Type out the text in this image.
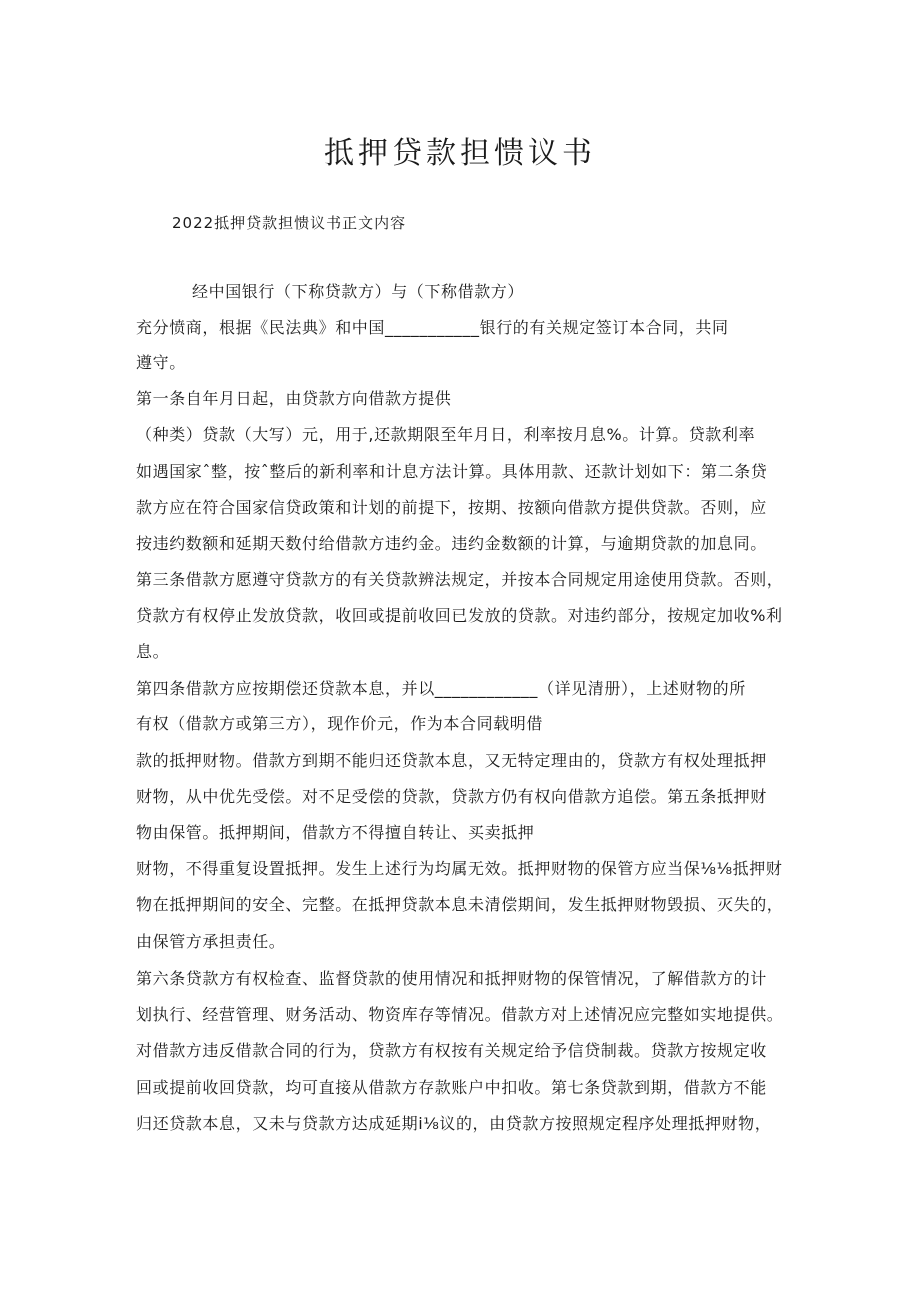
抵押贷款担愦议书
2022抵押贷款担愦议书正文内容
经中国银行（下称贷款方）与（下称借款方）
充分愤商，根据《民法典》和中国___________银行的有关规定签订本合同，共同
遵守。
第一条自年月日起，由贷款方向借款方提供
（种类）贷款（大写）元，用于,还款期限至年月日，利率按月息%。计算。贷款利率
如遇国家ˆ整，按ˆ整后的新利率和计息方法计算。具体用款、还款计划如下：第二条贷
款方应在符合国家信贷政策和计划的前提下，按期、按额向借款方提供贷款。否则，应
按违约数额和延期天数付给借款方违约金。违约金数额的计算，与逾期贷款的加息同。
第三条借款方愿遵守贷款方的有关贷款辨法规定，并按本合同规定用途使用贷款。否则，
贷款方有权停止发放贷款，收回或提前收回已发放的贷款。对违约部分，按规定加收%利
息。
第四条借款方应按期偿还贷款本息，并以____________（详见清册），上述财物的所
有权（借款方或第三方），现作价元，作为本合同载明借
款的抵押财物。借款方到期不能归还贷款本息，又无特定理由的，贷款方有权处理抵押
财物，从中优先受偿。对不足受偿的贷款，贷款方仍有权向借款方追偿。第五条抵押财
物由保管。抵押期间，借款方不得擅自转让、买卖抵押
财物，不得重复设置抵押。发生上述行为均属无效。抵押财物的保管方应当保⅛⅛抵押财
物在抵押期间的安全、完整。在抵押贷款本息未清偿期间，发生抵押财物毁损、灭失的，
由保管方承担责任。
第六条贷款方有权检查、监督贷款的使用情况和抵押财物的保管情况，了解借款方的计
划执行、经营管理、财务活动、物资库存等情况。借款方对上述情况应完整如实地提供。
对借款方违反借款合同的行为，贷款方有权按有关规定给予信贷制裁。贷款方按规定收
回或提前收回贷款，均可直接从借款方存款账户中扣收。第七条贷款到期，借款方不能
归还贷款本息，又未与贷款方达成延期i⅛议的，由贷款方按照规定程序处理抵押财物，
